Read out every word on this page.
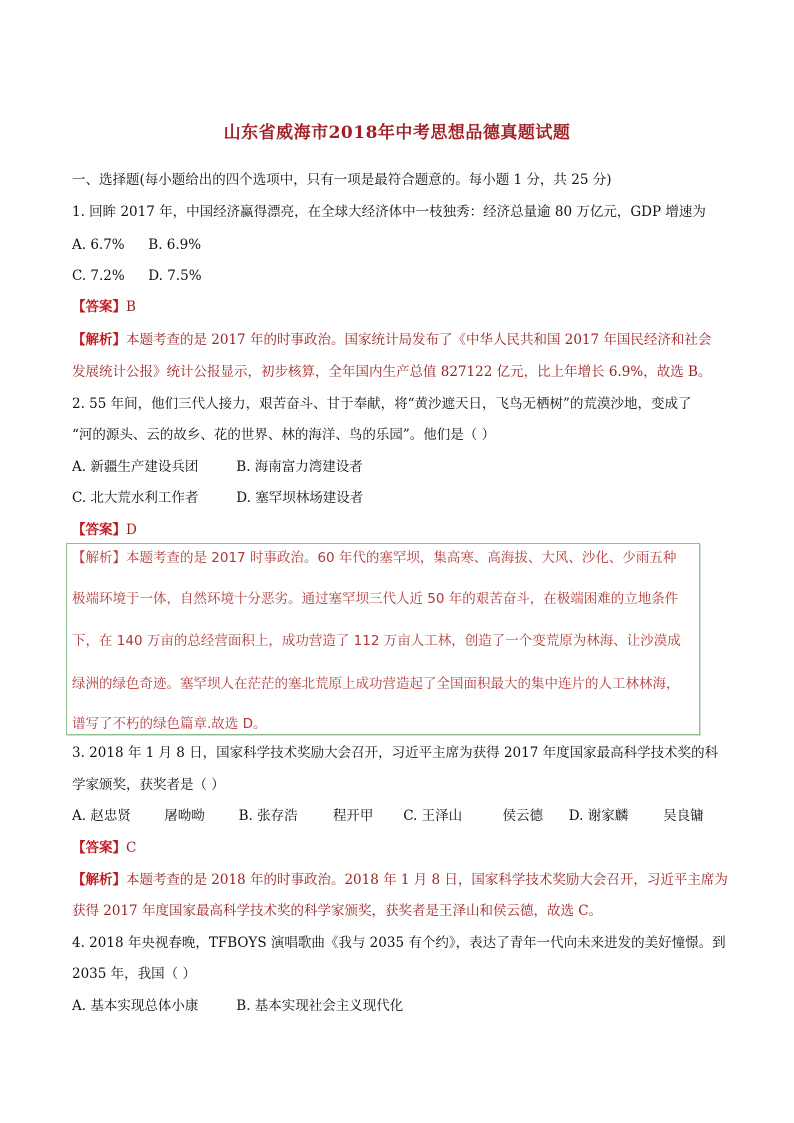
山东省威海市2018年中考思想品德真题试题
一、选择题(每小题给出的四个选项中，只有一项是最符合题意的。每小题 1 分，共 25 分)
1. 回眸 2017 年，中国经济赢得漂亮，在全球大经济体中一枝独秀：经济总量逾 80 万亿元，GDP 增速为
A. 6.7% B. 6.9%
C. 7.2% D. 7.5%
【答案】B
【解析】本题考查的是 2017 年的时事政治。国家统计局发布了《中华人民共和国 2017 年国民经济和社会
发展统计公报》统计公报显示，初步核算，全年国内生产总值 827122 亿元，比上年增长 6.9%，故选 B。
2. 55 年间，他们三代人接力，艰苦奋斗、甘于奉献，将“黄沙遮天日，飞鸟无栖树”的荒漠沙地，变成了
“河的源头、云的故乡、花的世界、林的海洋、鸟的乐园”。他们是（ ）
A. 新疆生产建设兵团	B. 海南富力湾建设者
C. 北大荒水利工作者	D. 塞罕坝林场建设者
【答案】D
【解析】本题考查的是 2017 时事政治。60 年代的塞罕坝，集高寒、高海拔、大风、沙化、少雨五种
极端环境于一体，自然环境十分恶劣。通过塞罕坝三代人近 50 年的艰苦奋斗，在极端困难的立地条件
下，在 140 万亩的总经营面积上，成功营造了 112 万亩人工林，创造了一个变荒原为林海、让沙漠成
绿洲的绿色奇迹。塞罕坝人在茫茫的塞北荒原上成功营造起了全国面积最大的集中连片的人工林林海，
谱写了不朽的绿色篇章.故选 D。
3. 2018 年 1 月 8 日，国家科学技术奖励大会召开，习近平主席为获得 2017 年度国家最高科学技术奖的科
学家颁奖，获奖者是（ ）
A. 赵忠贤 屠呦呦	B. 张存浩	程开甲 C. 王泽山	侯云德 D. 谢家麟	吴良镛
【答案】C
【解析】本题考查的是 2018 年的时事政治。2018 年 1 月 8 日，国家科学技术奖励大会召开，习近平主席为
获得 2017 年度国家最高科学技术奖的科学家颁奖，获奖者是王泽山和侯云德，故选 C。
4. 2018 年央视春晚，TFBOYS 演唱歌曲《我与 2035 有个约》，表达了青年一代向未来进发的美好憧憬。到
2035 年，我国（ ）
A. 基本实现总体小康	B. 基本实现社会主义现代化
